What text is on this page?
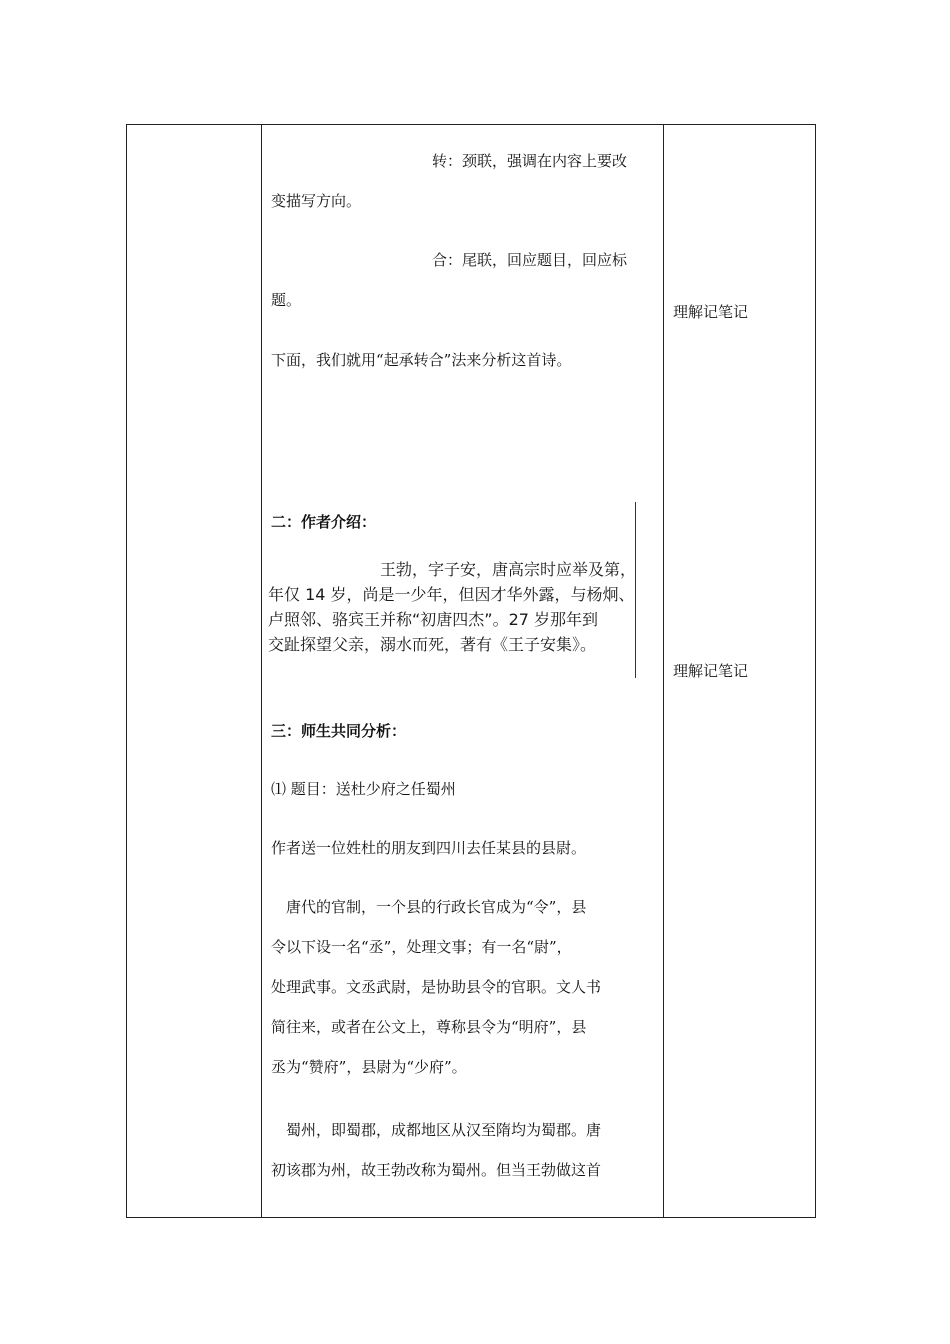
转：颈联，强调在内容上要改
变描写方向。
合：尾联，回应题目，回应标
题。
下面，我们就用“起承转合”法来分析这首诗。
二：作者介绍：
王勃，字子安，唐高宗时应举及第，
年仅 14 岁，尚是一少年，但因才华外露，与杨炯、
卢照邻、骆宾王并称“初唐四杰”。27 岁那年到
交趾探望父亲，溺水而死，著有《王子安集》。
三：师生共同分析：
⑴ 题目：送杜少府之任蜀州
作者送一位姓杜的朋友到四川去任某县的县尉。
唐代的官制，一个县的行政长官成为“令”，县
令以下设一名“丞”，处理文事；有一名“尉”，
处理武事。文丞武尉，是协助县令的官职。文人书
简往来，或者在公文上，尊称县令为“明府”，县
丞为“赞府”，县尉为“少府”。
蜀州，即蜀郡，成都地区从汉至隋均为蜀郡。唐
初该郡为州，故王勃改称为蜀州。但当王勃做这首
理解记笔记
理解记笔记
